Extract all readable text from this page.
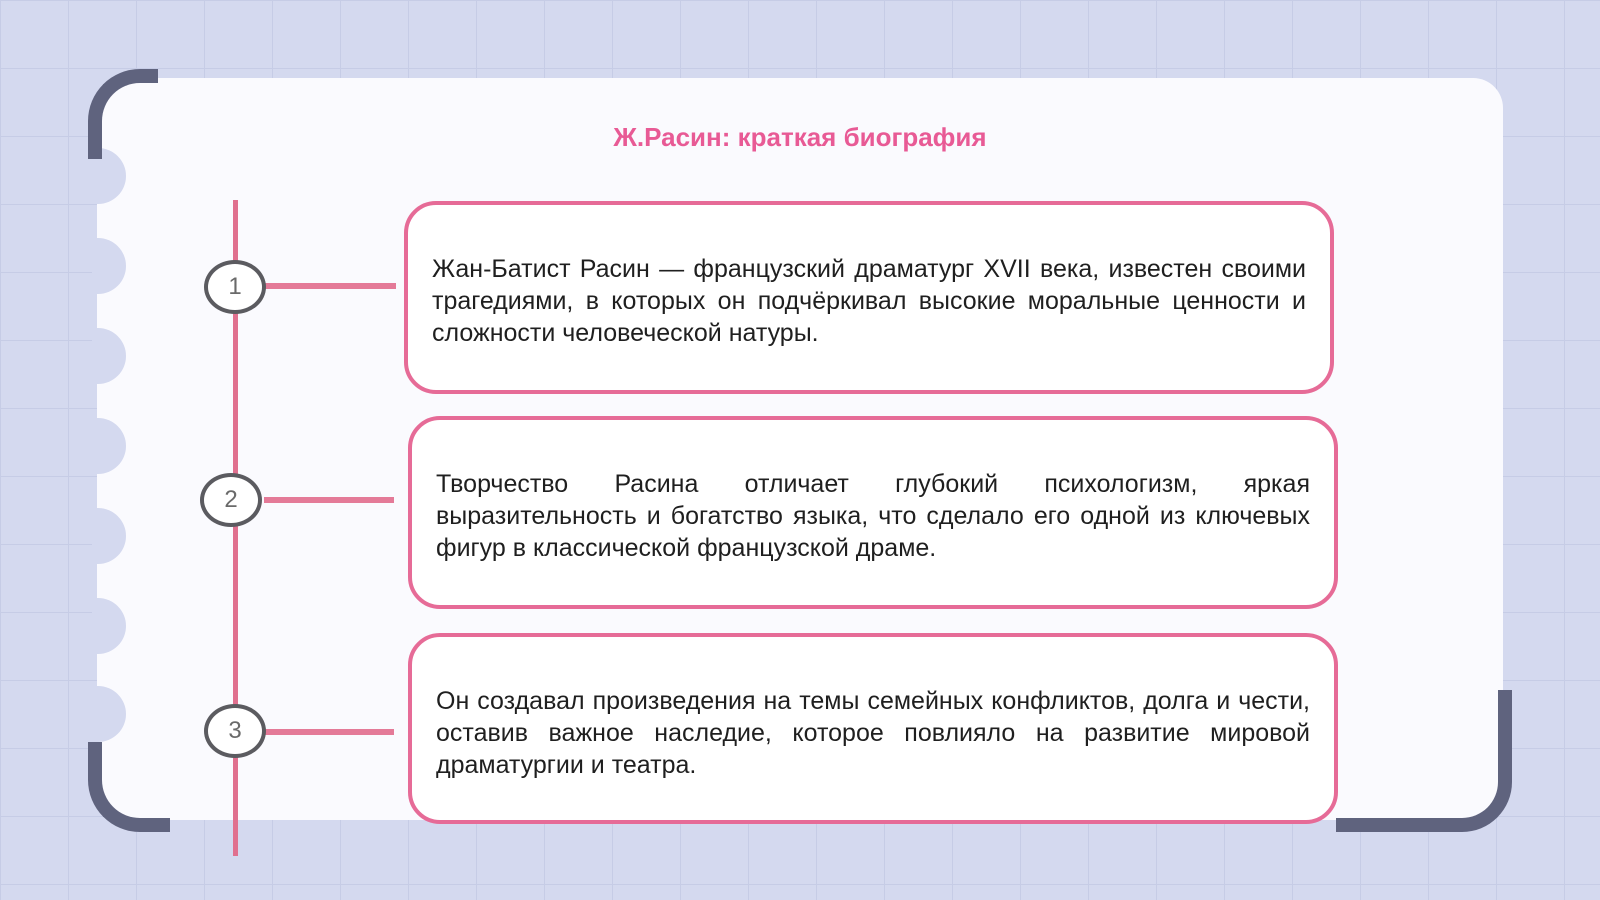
Ж.Расин: краткая биография
1

Жан-Батист Расин — французский драматург XVII века, известен своими трагедиями, в которых он подчёркивал высокие моральные ценности и сложности человеческой натуры.

2

Творчество Расина отличает глубокий психологизм, яркая выразительность и богатство языка, что сделало его одной из ключевых фигур в классической французской драме.

3

Он создавал произведения на темы семейных конфликтов, долга и чести, оставив важное наследие, которое повлияло на развитие мировой драматургии и театра.
